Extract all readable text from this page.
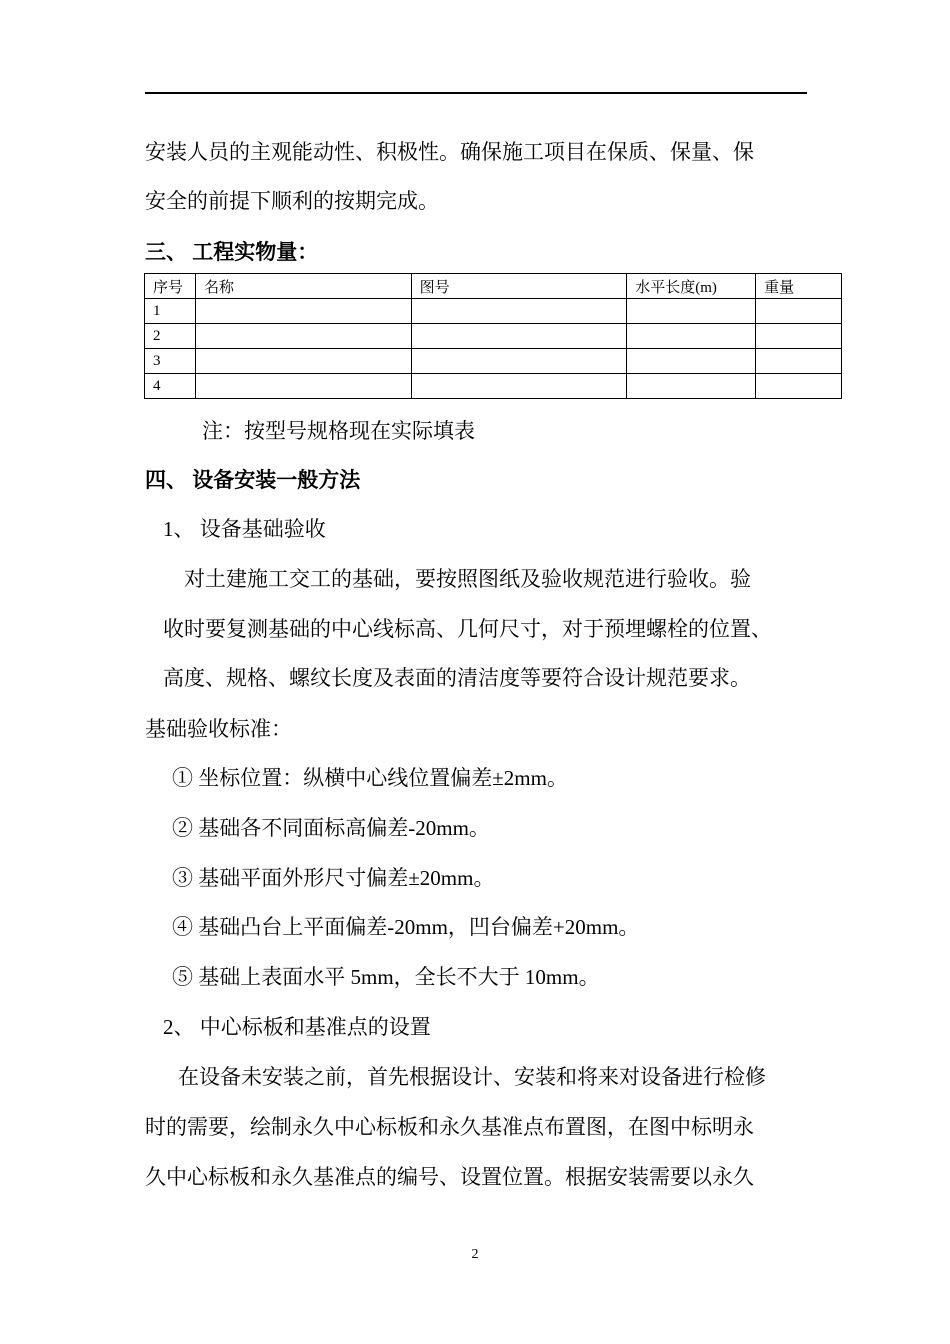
安装人员的主观能动性、积极性。确保施工项目在保质、保量、保
安全的前提下顺利的按期完成。
三、 工程实物量：
序号	名称	图号	水平长度(m)	重量
1				
2				
3				
4				
注：按型号规格现在实际填表
四、 设备安装一般方法
1、 设备基础验收
对土建施工交工的基础，要按照图纸及验收规范进行验收。验
收时要复测基础的中心线标高、几何尺寸，对于预埋螺栓的位置、
高度、规格、螺纹长度及表面的清洁度等要符合设计规范要求。
基础验收标准：
① 坐标位置：纵横中心线位置偏差±2mm。
② 基础各不同面标高偏差-20mm。
③ 基础平面外形尺寸偏差±20mm。
④ 基础凸台上平面偏差-20mm，凹台偏差+20mm。
⑤ 基础上表面水平 5mm，全长不大于 10mm。
2、 中心标板和基准点的设置
在设备未安装之前，首先根据设计、安装和将来对设备进行检修
时的需要，绘制永久中心标板和永久基准点布置图，在图中标明永
久中心标板和永久基准点的编号、设置位置。根据安装需要以永久
2
